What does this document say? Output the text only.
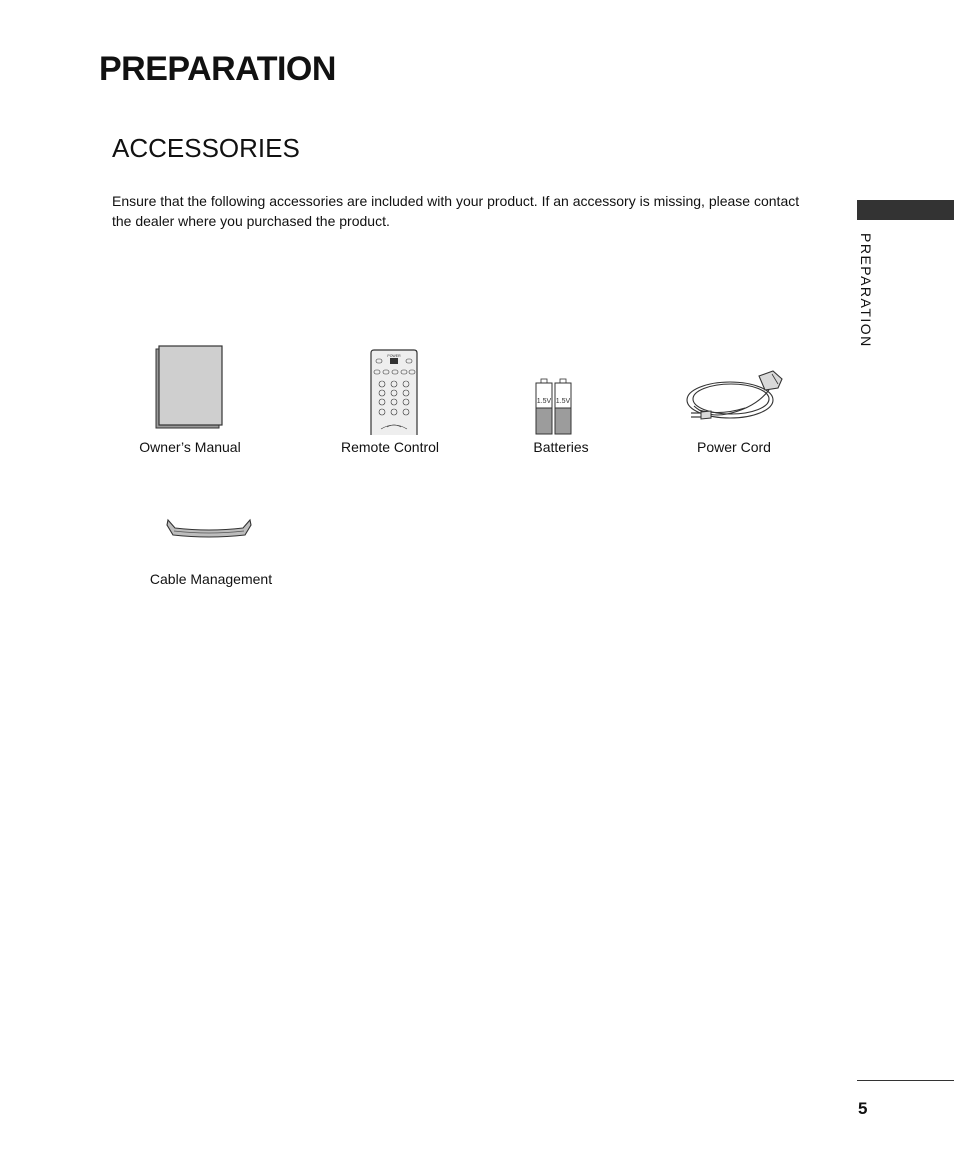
PREPARATION
ACCESSORIES

Ensure that the following accessories are included with your product. If an accessory is missing, please contact the dealer where you purchased the product.

PREPARATION
Owner’s Manual
POWER
Remote Control
1.5V 1.5V
Batteries	Power Cord
Cable Management
5
